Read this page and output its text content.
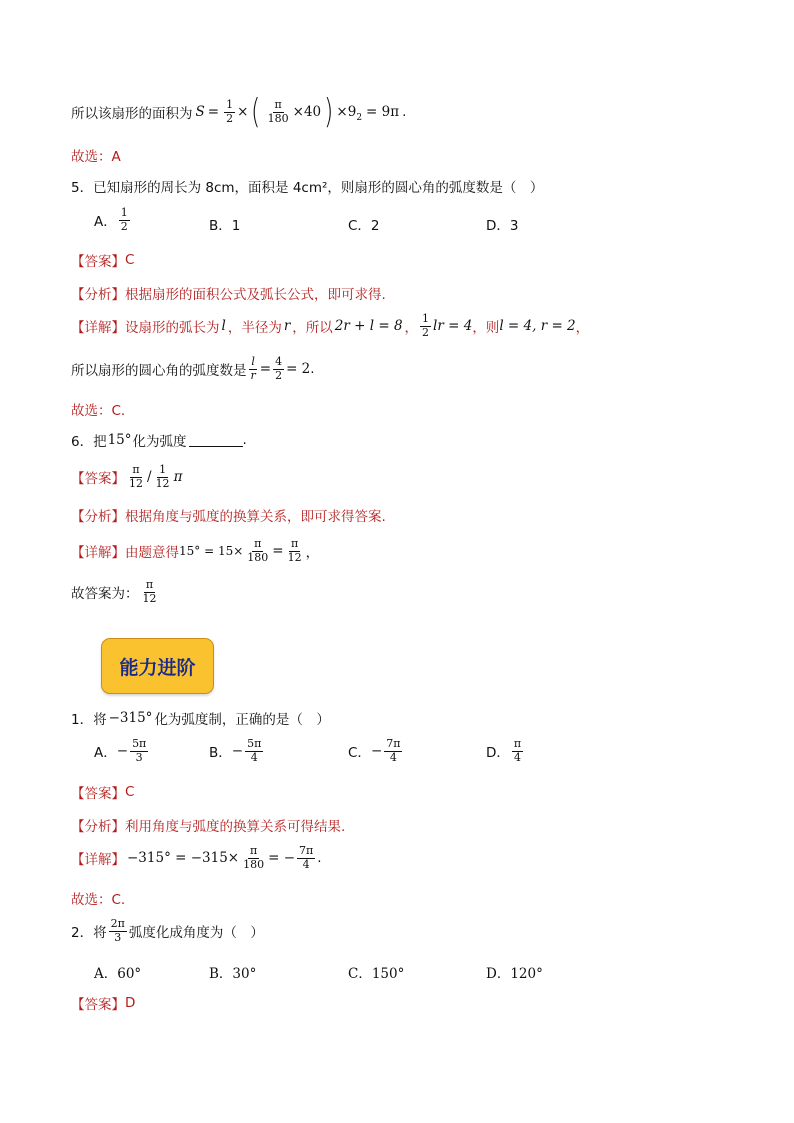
所以该扇形的面积为 $S = \frac{1}{2}$ × ( $\frac{\pi}{180} \times 40$ ) $\times 9_2 = 9\pi$ .
故选：A
5．已知扇形的周长为 8cm，面积是 4cm²，则扇形的圆心角的弧度数是（　）
A．
1
2	B．1	C．2	D．3
【答案】 C
【分析】 根据扇形的面积公式及弧长公式，即可求得.
【详解】 设扇形的弧长为 l ，半径为 r ，所以 2r + l = 8 ，
1
2 lr = 4 ，则 l = 4, r = 2 ，
所以扇形的圆心角的弧度数是 $\frac{l}{r} = \frac{4}{2} = 2$ .
故选：C.
6．把 15° 化为弧度	.
【答案】
π
12 / 1
12 π
【分析】 根据角度与弧度的换算关系，即可求得答案.
【详解】 由题意得 $15^\circ = 15\times \frac{\pi}{180} = \frac{\pi}{12}$ ，
故答案为：
π
12
能力进阶
1．将 −315° 化为弧度制，正确的是（　）
A． − $\frac{5\pi}{3}$	B． − $\frac{5\pi}{4}$	C． − $\frac{7\pi}{4}$	D．
π
4
【答案】 C
【分析】 利用角度与弧度的换算关系可得结果.
【详解】 $-315^\circ = -315\times \frac{\pi}{180}$ = − $\frac{7\pi}{4}$ .
故选：C.
2．将
2π
3 弧度化成角度为（　）
A．60°	B．30°	C．150°	D．120°
【答案】 D
